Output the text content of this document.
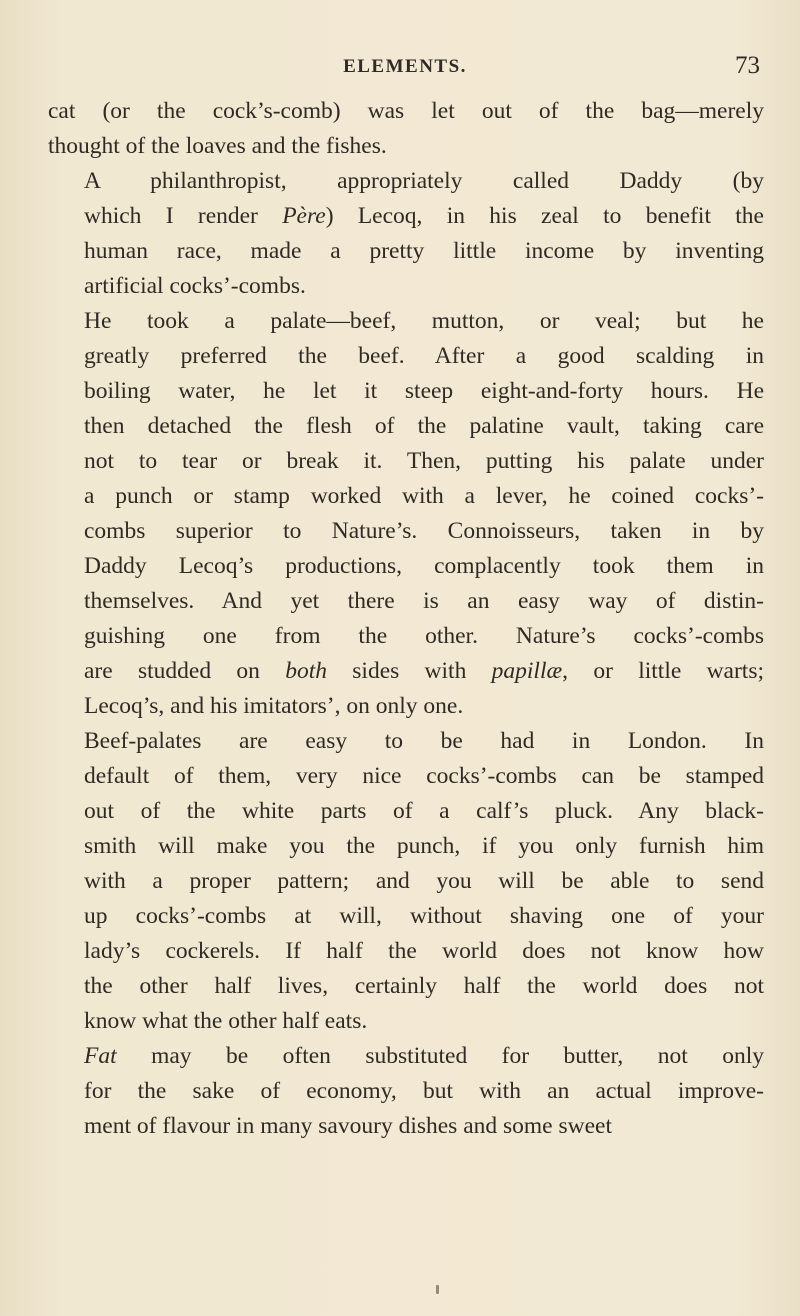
ELEMENTS.	73

cat (or the cock’s-comb) was let out of the bag—merely
thought of the loaves and the fishes.

A philanthropist, appropriately called Daddy (by
which I render Père) Lecoq, in his zeal to benefit the
human race, made a pretty little income by inventing
artificial cocks’-combs.

He took a palate—beef, mutton, or veal; but he
greatly preferred the beef. After a good scalding in
boiling water, he let it steep eight-and-forty hours. He
then detached the flesh of the palatine vault, taking care
not to tear or break it. Then, putting his palate under
a punch or stamp worked with a lever, he coined cocks’-
combs superior to Nature’s. Connoisseurs, taken in by
Daddy Lecoq’s productions, complacently took them in
themselves. And yet there is an easy way of distin-
guishing one from the other. Nature’s cocks’-combs
are studded on both sides with papillæ, or little warts;
Lecoq’s, and his imitators’, on only one.

Beef-palates are easy to be had in London. In
default of them, very nice cocks’-combs can be stamped
out of the white parts of a calf’s pluck. Any black-
smith will make you the punch, if you only furnish him
with a proper pattern; and you will be able to send
up cocks’-combs at will, without shaving one of your
lady’s cockerels. If half the world does not know how
the other half lives, certainly half the world does not
know what the other half eats.

Fat may be often substituted for butter, not only
for the sake of economy, but with an actual improve-
ment of flavour in many savoury dishes and some sweet
